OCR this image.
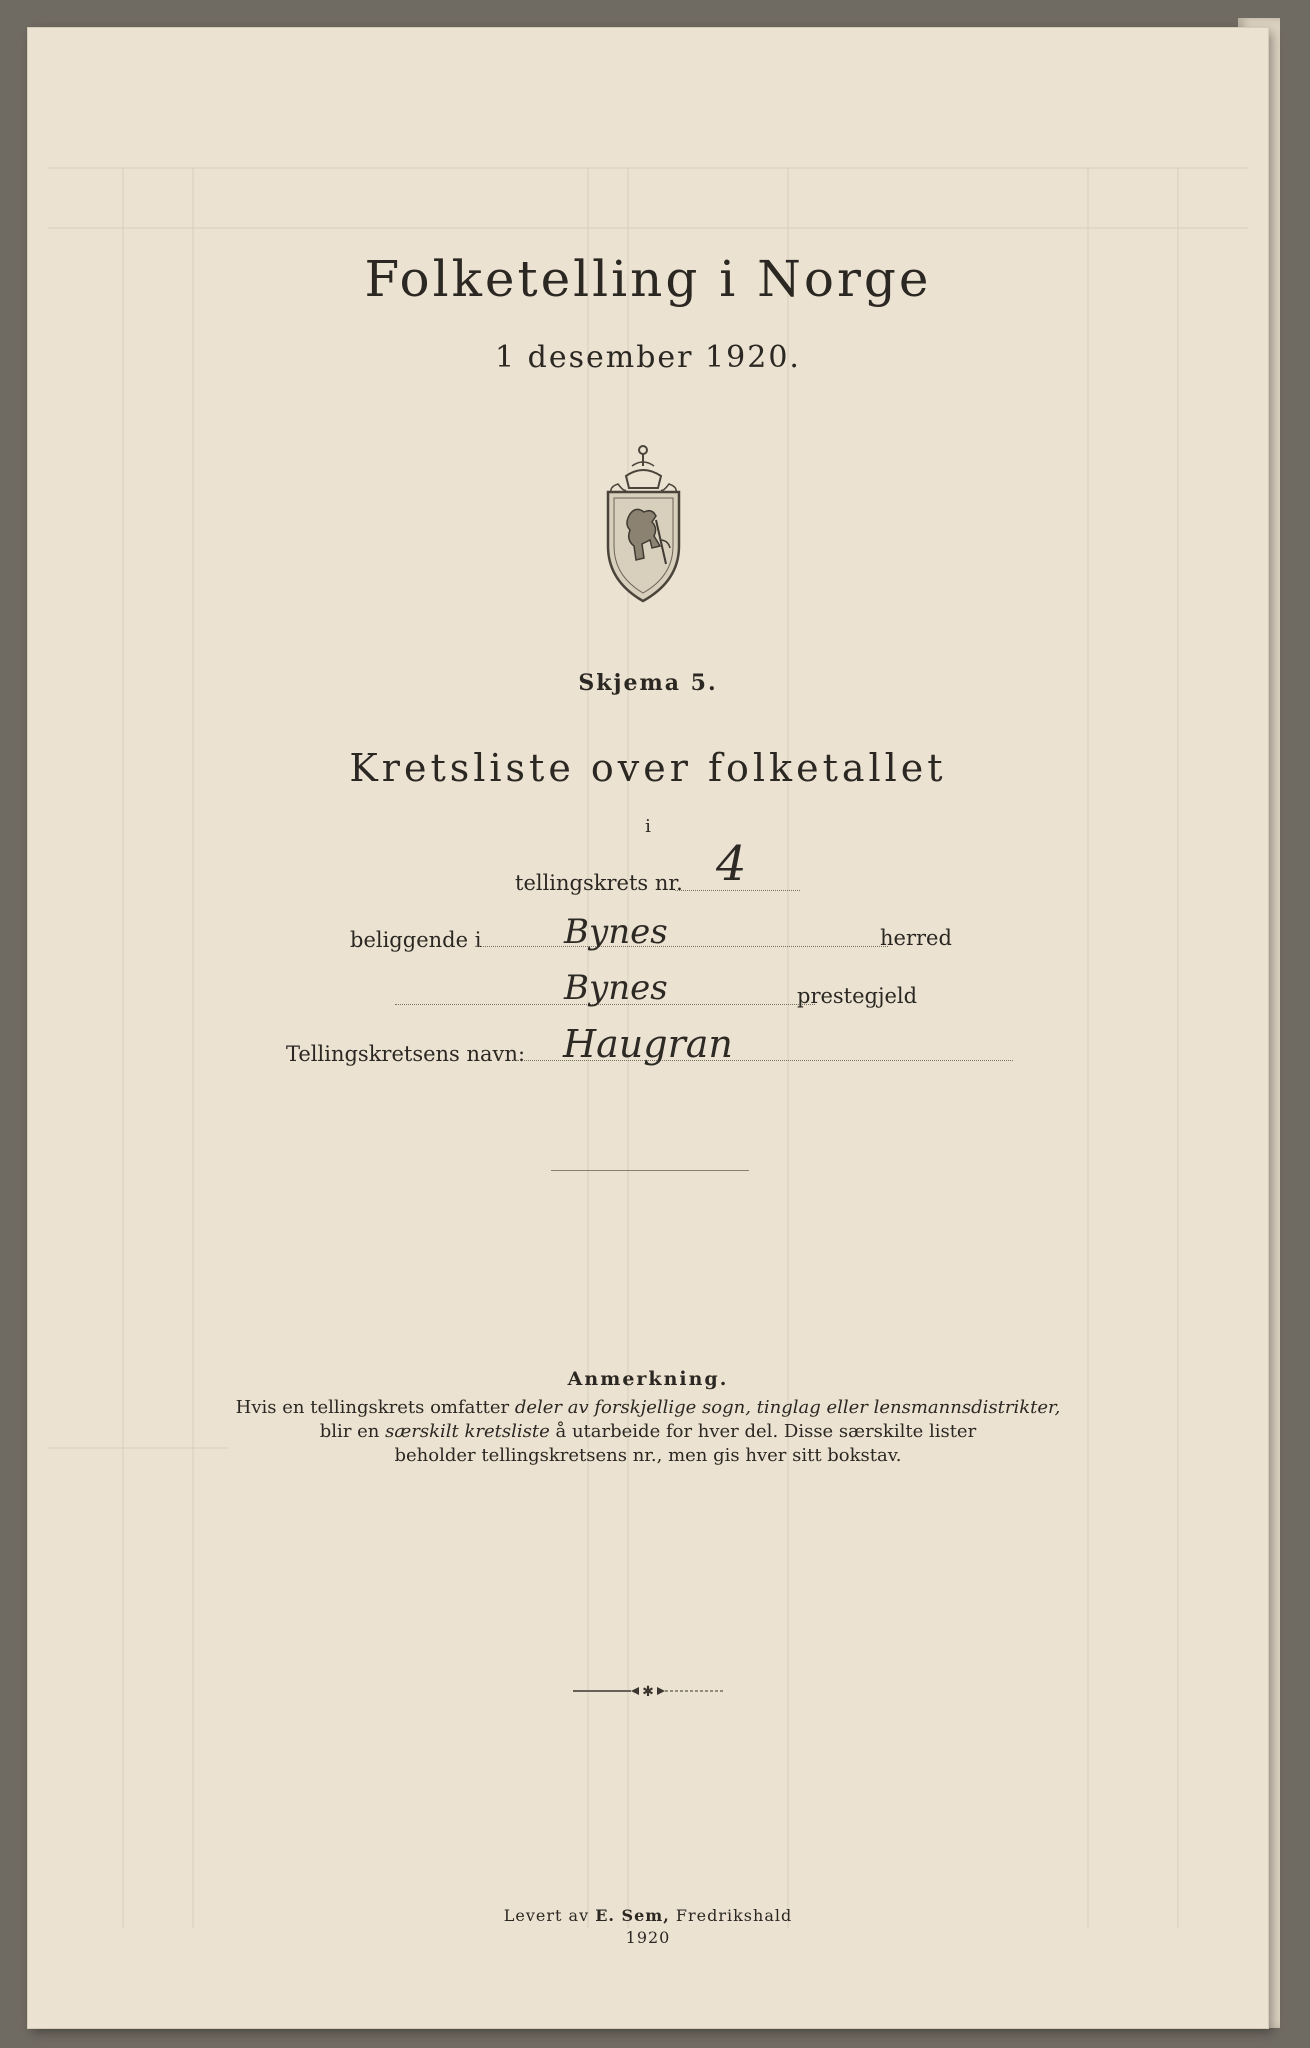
Folketelling i Norge
1 desember 1920.
Skjema 5.
Kretsliste over folketallet
i
tellingskrets nr. 4
beliggende i Bynes	herred
Bynes	prestegjeld
Tellingskretsens navn: Haugran
Anmerkning.
Hvis en tellingskrets omfatter deler av forskjellige sogn, tinglag eller lensmannsdistrikter,
blir en særskilt kretsliste å utarbeide for hver del. Disse særskilte lister
beholder tellingskretsens nr., men gis hver sitt bokstav.
✱
Levert av E. Sem, Fredrikshald
1920
